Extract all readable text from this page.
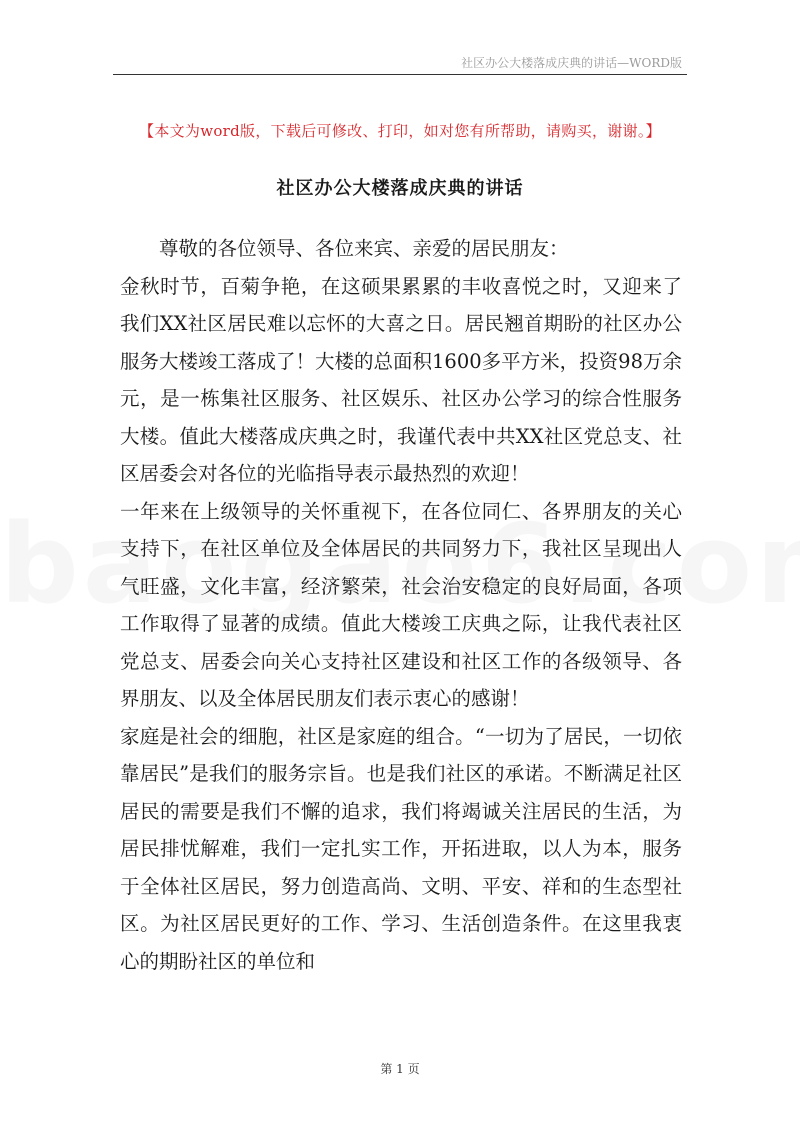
社区办公大楼落成庆典的讲话—WORD版
【本文为word版，下载后可修改、打印，如对您有所帮助，请购买，谢谢。】
社区办公大楼落成庆典的讲话

尊敬的各位领导、各位来宾、亲爱的居民朋友：

金秋时节，百菊争艳，在这硕果累累的丰收喜悦之时，又迎来了我们XX社区居民难以忘怀的大喜之日。居民翘首期盼的社区办公服务大楼竣工落成了！大楼的总面积1600多平方米，投资98万余元，是一栋集社区服务、社区娱乐、社区办公学习的综合性服务大楼。值此大楼落成庆典之时，我谨代表中共XX社区党总支、社区居委会对各位的光临指导表示最热烈的欢迎！

一年来在上级领导的关怀重视下，在各位同仁、各界朋友的关心支持下，在社区单位及全体居民的共同努力下，我社区呈现出人气旺盛，文化丰富，经济繁荣，社会治安稳定的良好局面，各项工作取得了显著的成绩。值此大楼竣工庆典之际，让我代表社区党总支、居委会向关心支持社区建设和社区工作的各级领导、各界朋友、以及全体居民朋友们表示衷心的感谢！

家庭是社会的细胞，社区是家庭的组合。“一切为了居民，一切依靠居民”是我们的服务宗旨。也是我们社区的承诺。不断满足社区居民的需要是我们不懈的追求，我们将竭诚关注居民的生活，为居民排忧解难，我们一定扎实工作，开拓进取，以人为本，服务于全体社区居民，努力创造高尚、文明、平安、祥和的生态型社区。为社区居民更好的工作、学习、生活创造条件。在这里我衷心的期盼社区的单位和

第 1 页
